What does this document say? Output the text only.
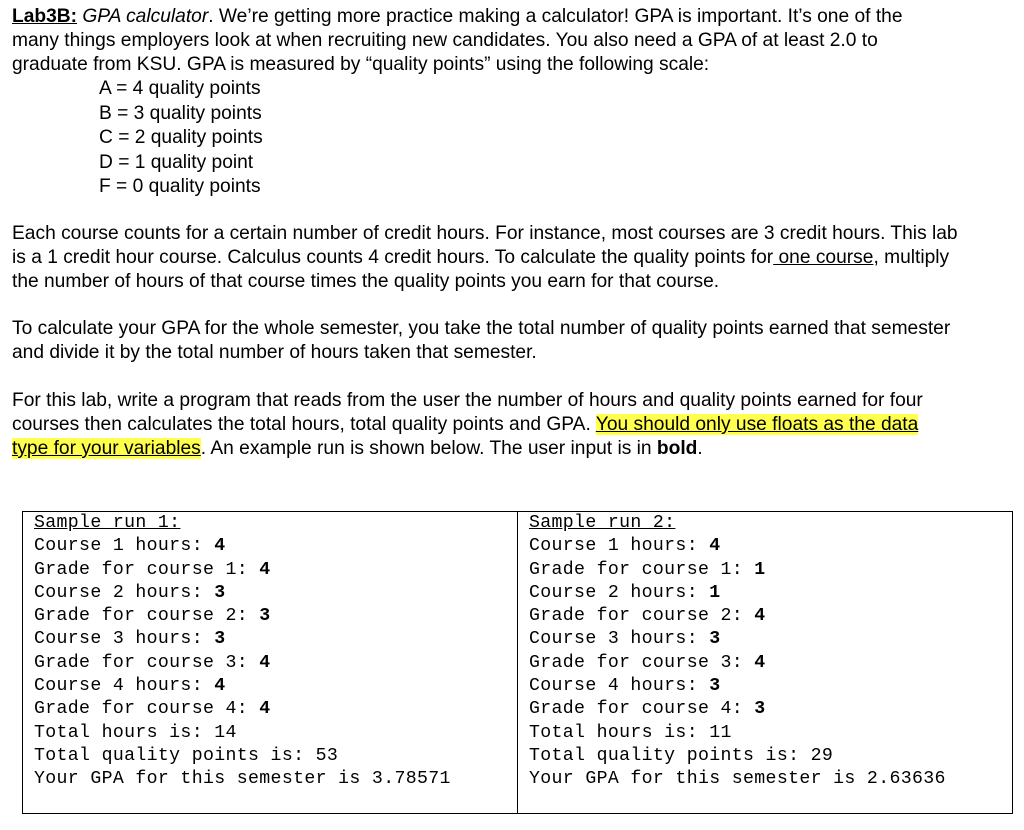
Lab3B: GPA calculator. We’re getting more practice making a calculator! GPA is important. It’s one of the

many things employers look at when recruiting new candidates. You also need a GPA of at least 2.0 to

graduate from KSU. GPA is measured by “quality points” using the following scale:

A = 4 quality points
B = 3 quality points
C = 2 quality points
D = 1 quality point
F = 0 quality points

Each course counts for a certain number of credit hours. For instance, most courses are 3 credit hours. This lab

is a 1 credit hour course. Calculus counts 4 credit hours. To calculate the quality points for one course, multiply

the number of hours of that course times the quality points you earn for that course.

To calculate your GPA for the whole semester, you take the total number of quality points earned that semester

and divide it by the total number of hours taken that semester.

For this lab, write a program that reads from the user the number of hours and quality points earned for four

courses then calculates the total hours, total quality points and GPA. You should only use floats as the data

type for your variables. An example run is shown below. The user input is in bold.

Sample run 1:
Course 1 hours: 4
Grade for course 1: 4
Course 2 hours: 3
Grade for course 2: 3
Course 3 hours: 3
Grade for course 3: 4
Course 4 hours: 4
Grade for course 4: 4
Total hours is: 14
Total quality points is: 53
Your GPA for this semester is 3.78571

Sample run 2:
Course 1 hours: 4
Grade for course 1: 1
Course 2 hours: 1
Grade for course 2: 4
Course 3 hours: 3
Grade for course 3: 4
Course 4 hours: 3
Grade for course 4: 3
Total hours is: 11
Total quality points is: 29
Your GPA for this semester is 2.63636
